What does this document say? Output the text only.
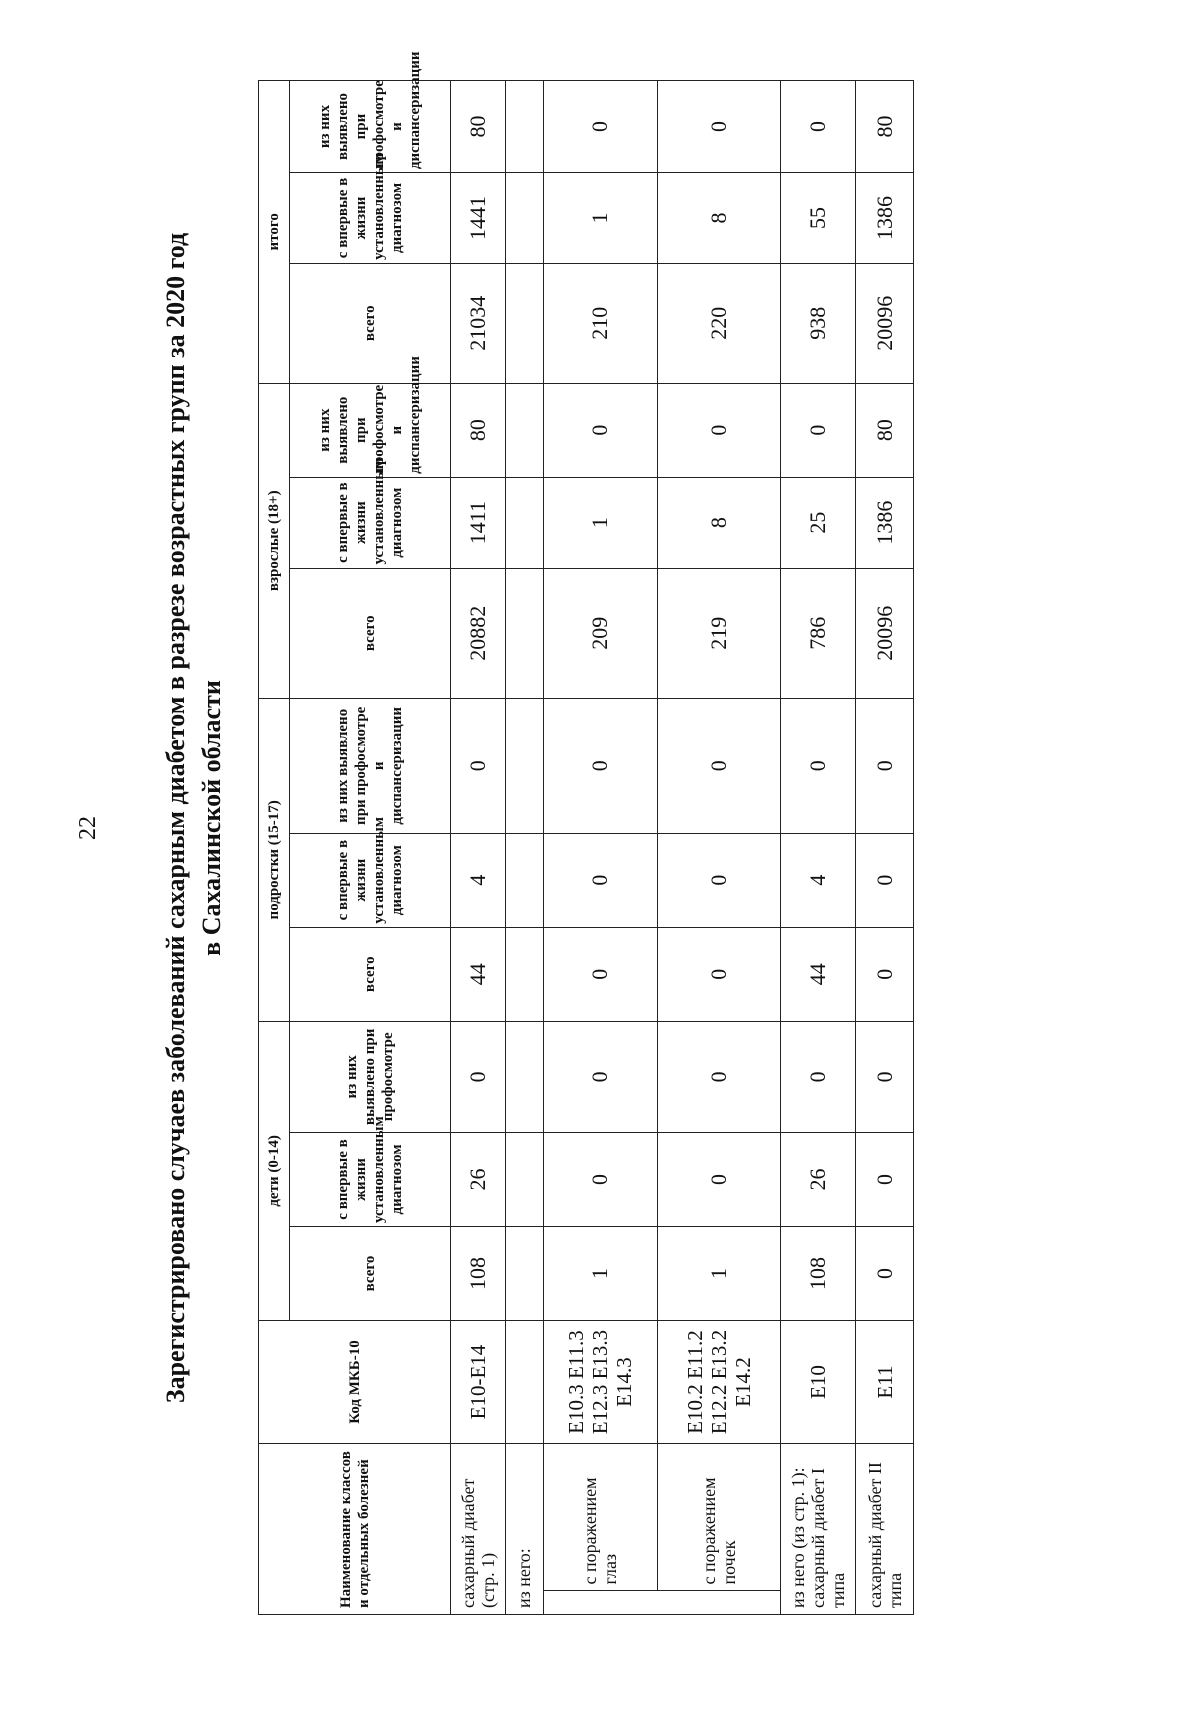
22 Зарегистрировано случаев заболеваний сахарным диабетом в разрезе возрастных групп за 2020 год в Сахалинской области
Наименование классов и отдельных болезней		Код МКБ-10	дети (0-14)			подростки (15-17)			взрослые (18+)			итого		
			всего	с впервые в жизни установленным диагнозом	из них выявлено при профосмотре	всего	с впервые в жизни установленным диагнозом	из них выявлено при профосмотре и диспансеризации	всего	с впервые в жизни установленным диагнозом	из них выявлено при профосмотре и диспансеризации	всего	с впервые в жизни установленным диагнозом	из них выявлено при профосмотре и диспансеризации
сахарный диабет (стр. 1)		E10-E14	108	26	0	44	4	0	20882	1411	80	21034	1441	80
из него:														
	с поражением глаз	E10.3 E11.3 E12.3 E13.3 E14.3	1	0	0	0	0	0	209	1	0	210	1	0
	с поражением почек	E10.2 E11.2 E12.2 E13.2 E14.2	1	0	0	0	0	0	219	8	0	220	8	0
из него (из стр. 1): сахарный диабет I типа		E10	108	26	0	44	4	0	786	25	0	938	55	0
сахарный диабет II типа		E11	0	0	0	0	0	0	20096	1386	80	20096	1386	80
